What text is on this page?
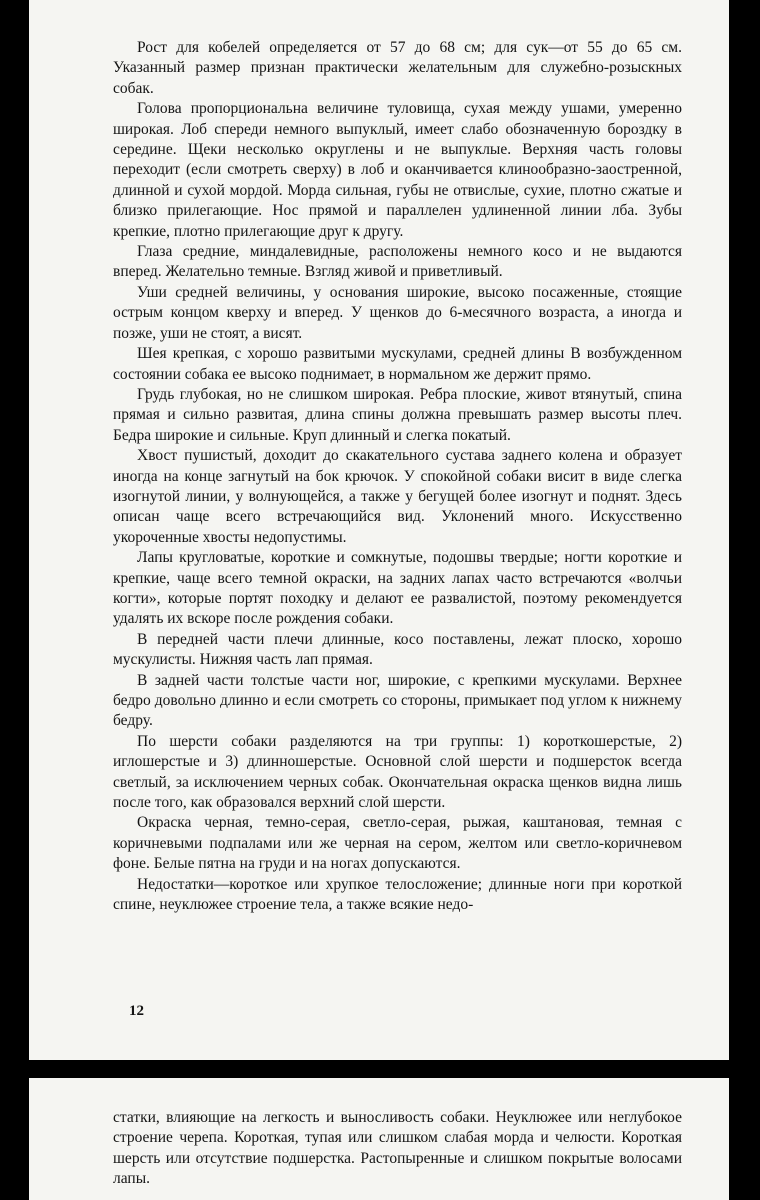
Рост для кобелей определяется от 57 до 68 см; для сук—от 55 до 65 см. Указанный размер признан практически желательным для служебно-розыскных собак.

Голова пропорциональна величине туловища, сухая между ушами, умеренно широкая. Лоб спереди немного выпуклый, имеет слабо обозначенную бороздку в середине. Щеки несколько округлены и не выпуклые. Верхняя часть головы переходит (если смотреть сверху) в лоб и оканчивается клинообразно-заостренной, длинной и сухой мордой. Морда сильная, губы не отвислые, сухие, плотно сжатые и близко прилегающие. Нос прямой и параллелен удлиненной линии лба. Зубы крепкие, плотно прилегающие друг к другу.

Глаза средние, миндалевидные, расположены немного косо и не выдаются вперед. Желательно темные. Взгляд живой и приветливый.

Уши средней величины, у основания широкие, высоко посаженные, стоящие острым концом кверху и вперед. У щенков до 6-месячного возраста, а иногда и позже, уши не стоят, а висят.

Шея крепкая, с хорошо развитыми мускулами, средней длины В возбужденном состоянии собака ее высоко поднимает, в нормальном же держит прямо.

Грудь глубокая, но не слишком широкая. Ребра плоские, живот втянутый, спина прямая и сильно развитая, длина спины должна превышать размер высоты плеч. Бедра широкие и сильные. Круп длинный и слегка покатый.

Хвост пушистый, доходит до скакательного сустава заднего колена и образует иногда на конце загнутый на бок крючок. У спокойной собаки висит в виде слегка изогнутой линии, у волнующейся, а также у бегущей более изогнут и поднят. Здесь описан чаще всего встречающийся вид. Уклонений много. Искусственно укороченные хвосты недопустимы.

Лапы кругловатые, короткие и сомкнутые, подошвы твердые; ногти короткие и крепкие, чаще всего темной окраски, на задних лапах часто встречаются «волчьи когти», которые портят походку и делают ее развалистой, поэтому рекомендуется удалять их вскоре после рождения собаки.

В передней части плечи длинные, косо поставлены, лежат плоско, хорошо мускулисты. Нижняя часть лап прямая.

В задней части толстые части ног, широкие, с крепкими мускулами. Верхнее бедро довольно длинно и если смотреть со стороны, примыкает под углом к нижнему бедру.

По шерсти собаки разделяются на три группы: 1) короткошерстые, 2) иглошерстые и 3) длинношерстые. Основной слой шерсти и подшерсток всегда светлый, за исключением черных собак. Окончательная окраска щенков видна лишь после того, как образовался верхний слой шерсти.

Окраска черная, темно-серая, светло-серая, рыжая, каштановая, темная с коричневыми подпалами или же черная на сером, желтом или светло-коричневом фоне. Белые пятна на груди и на ногах допускаются.

Недостатки—короткое или хрупкое телосложение; длинные ноги при короткой спине, неуклюжее строение тела, а также всякие недо-

12

статки, влияющие на легкость и выносливость собаки. Неуклюжее или неглубокое строение черепа. Короткая, тупая или слишком слабая морда и челюсти. Короткая шерсть или отсутствие подшерстка. Растопыренные и слишком покрытые волосами лапы.
